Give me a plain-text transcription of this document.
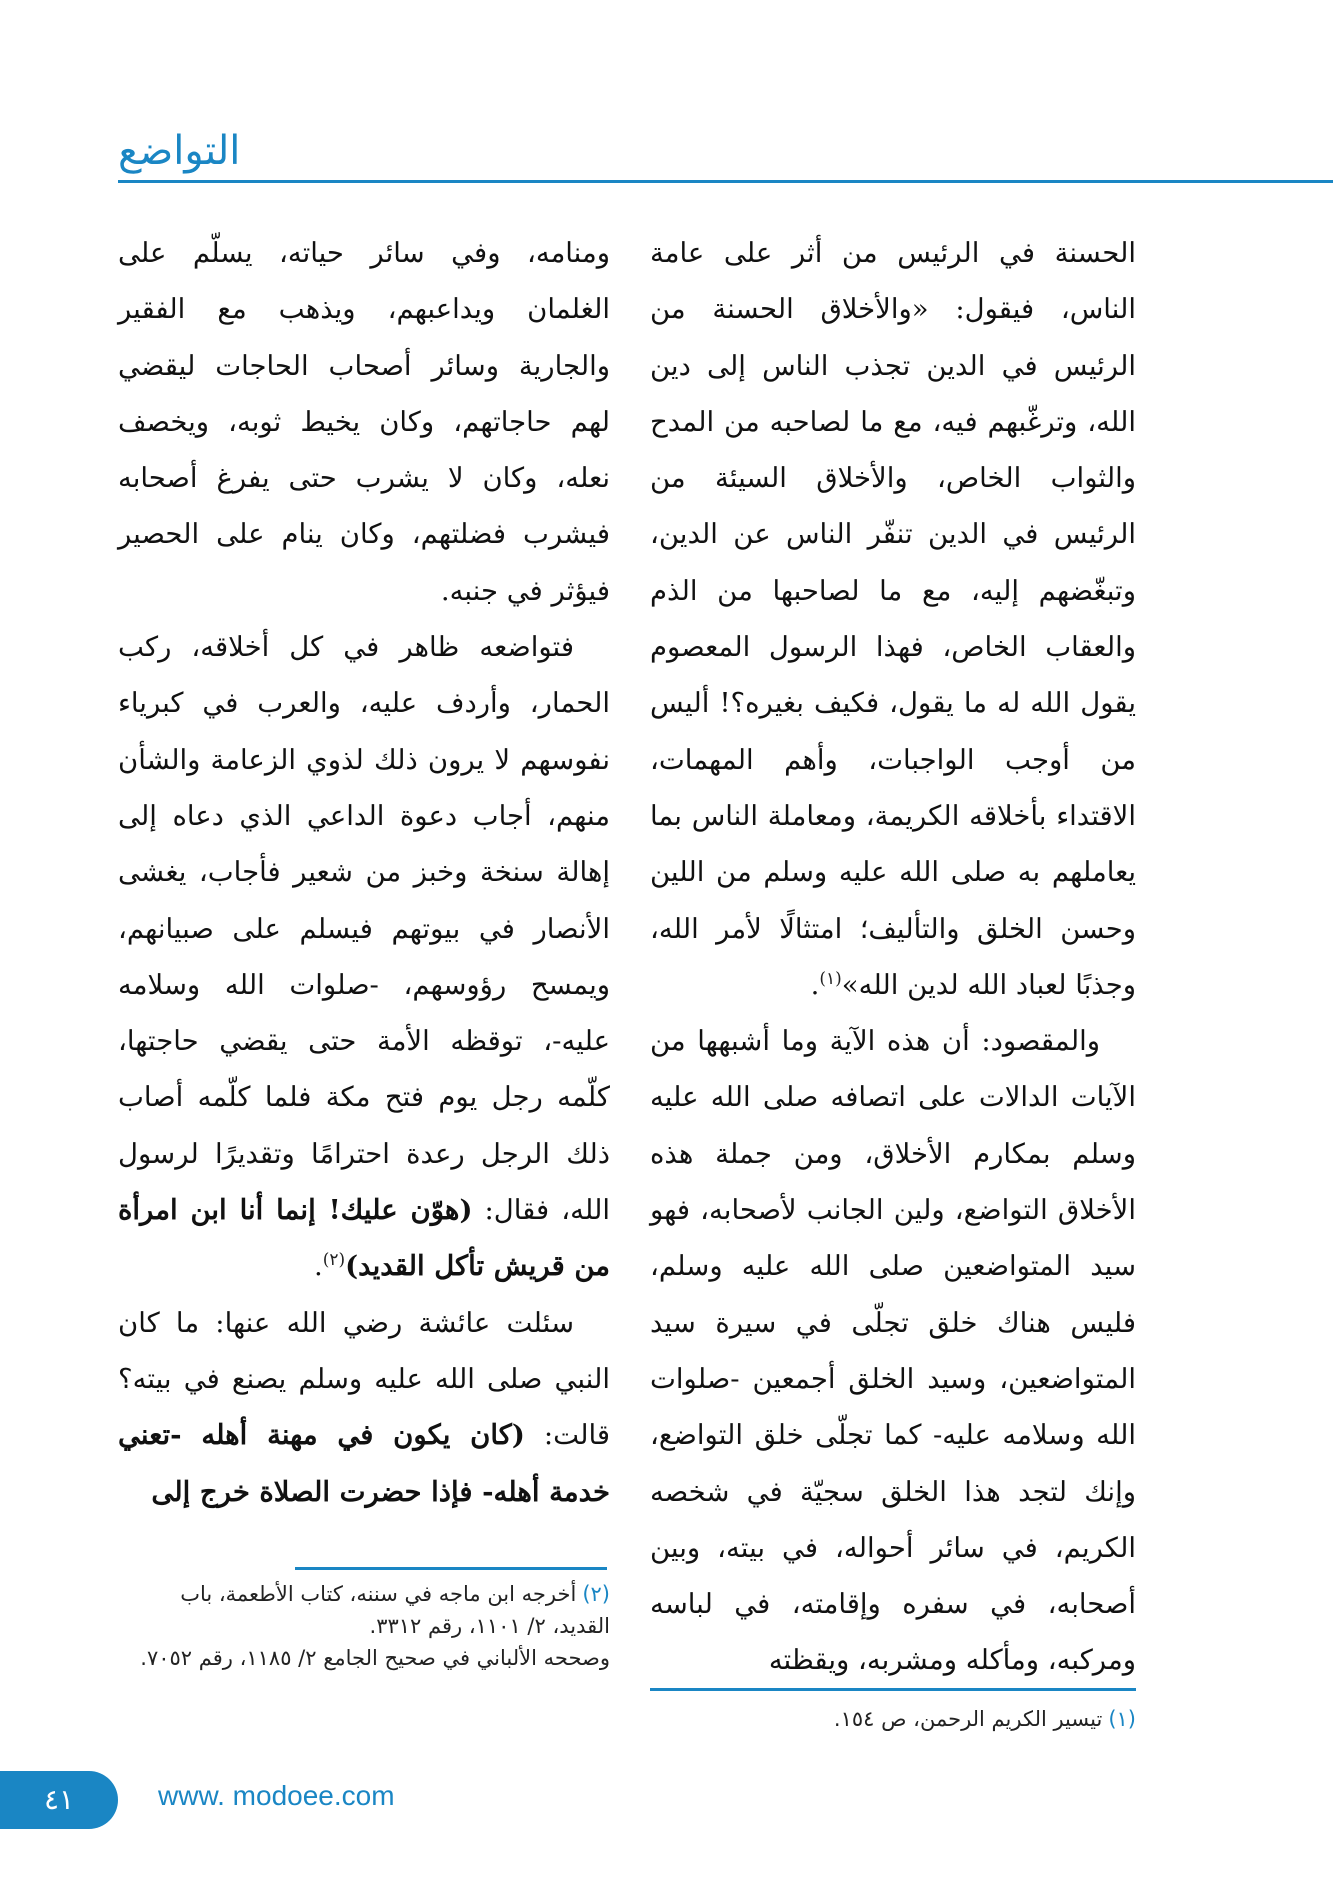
التواضع

الحسنة في الرئيس من أثر على عامة الناس، فيقول: «والأخلاق الحسنة من الرئيس في الدين تجذب الناس إلى دين الله، وترغّبهم فيه، مع ما لصاحبه من المدح والثواب الخاص، والأخلاق السيئة من الرئيس في الدين تنفّر الناس عن الدين، وتبغّضهم إليه، مع ما لصاحبها من الذم والعقاب الخاص، فهذا الرسول المعصوم يقول الله له ما يقول، فكيف بغيره؟! أليس من أوجب الواجبات، وأهم المهمات، الاقتداء بأخلاقه الكريمة، ومعاملة الناس بما يعاملهم به صلى الله عليه وسلم من اللين وحسن الخلق والتأليف؛ امتثالًا لأمر الله، وجذبًا لعباد الله لدين الله»$^{(١)}$.

والمقصود: أن هذه الآية وما أشبهها من الآيات الدالات على اتصافه صلى الله عليه وسلم بمكارم الأخلاق، ومن جملة هذه الأخلاق التواضع، ولين الجانب لأصحابه، فهو سيد المتواضعين صلى الله عليه وسلم، فليس هناك خلق تجلّى في سيرة سيد المتواضعين، وسيد الخلق أجمعين -صلوات الله وسلامه عليه- كما تجلّى خلق التواضع، وإنك لتجد هذا الخلق سجيّة في شخصه الكريم، في سائر أحواله، في بيته، وبين أصحابه، في سفره وإقامته، في لباسه ومركبه، ومأكله ومشربه، ويقظته

ومنامه، وفي سائر حياته، يسلّم على الغلمان ويداعبهم، ويذهب مع الفقير والجارية وسائر أصحاب الحاجات ليقضي لهم حاجاتهم، وكان يخيط ثوبه، ويخصف نعله، وكان لا يشرب حتى يفرغ أصحابه فيشرب فضلتهم، وكان ينام على الحصير فيؤثر في جنبه.

فتواضعه ظاهر في كل أخلاقه، ركب الحمار، وأردف عليه، والعرب في كبرياء نفوسهم لا يرون ذلك لذوي الزعامة والشأن منهم، أجاب دعوة الداعي الذي دعاه إلى إهالة سنخة وخبز من شعير فأجاب، يغشى الأنصار في بيوتهم فيسلم على صبيانهم، ويمسح رؤوسهم، -صلوات الله وسلامه عليه-، توقظه الأمة حتى يقضي حاجتها، كلّمه رجل يوم فتح مكة فلما كلّمه أصاب ذلك الرجل رعدة احترامًا وتقديرًا لرسول الله، فقال: (هوّن عليك! إنما أنا ابن امرأة من قريش تأكل القديد)$^{(٢)}$.

سئلت عائشة رضي الله عنها: ما كان النبي صلى الله عليه وسلم يصنع في بيته؟ قالت: (كان يكون في مهنة أهله -تعني خدمة أهله- فإذا حضرت الصلاة خرج إلى

(١)تيسير الكريم الرحمن، ص ١٥٤.
(٢)أخرجه ابن ماجه في سننه، كتاب الأطعمة، باب القديد، ٢/ ١١٠١، رقم ٣٣١٢.
وصححه الألباني في صحيح الجامع ٢/ ١١٨٥، رقم ٧٠٥٢.
٤١	www. modoee.com
